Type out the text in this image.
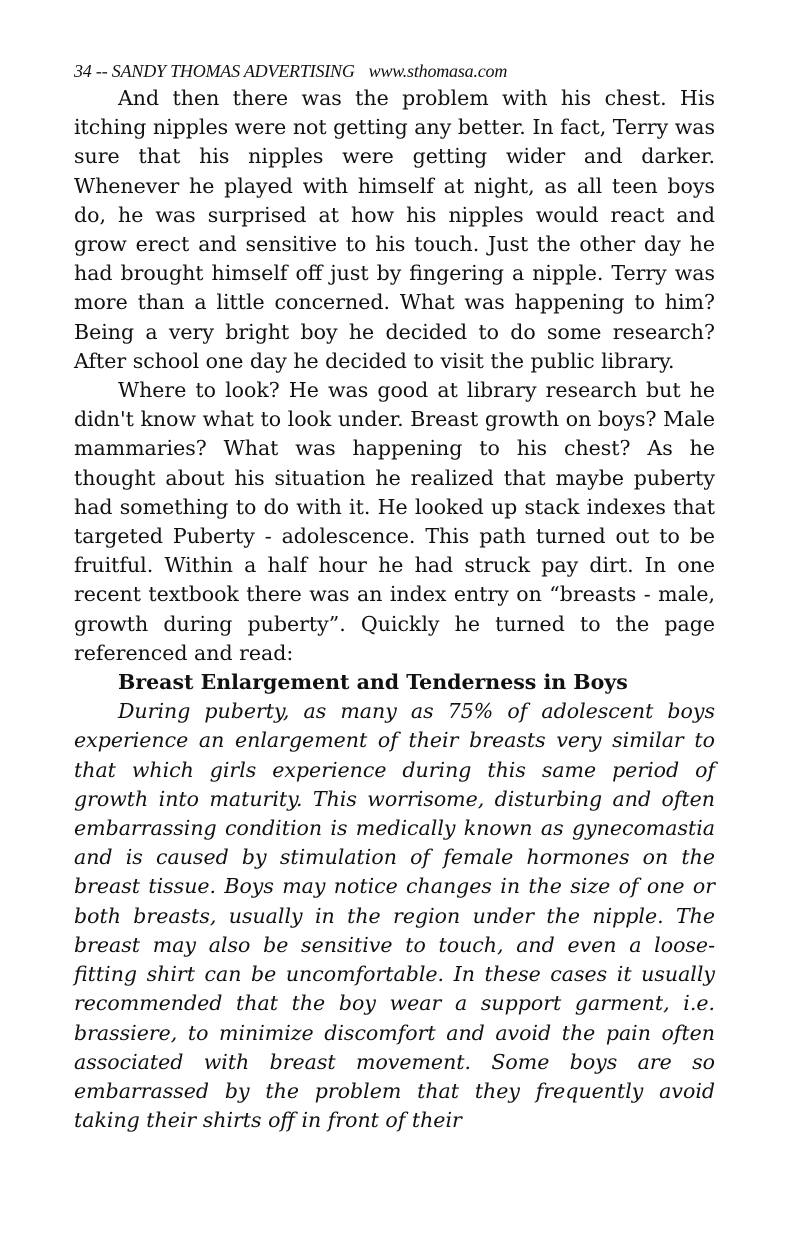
34 -- SANDY THOMAS ADVERTISING www.sthomasa.com

And then there was the problem with his chest. His itching nipples were not getting any better. In fact, Terry was sure that his nipples were getting wider and darker. Whenever he played with himself at night, as all teen boys do, he was surprised at how his nipples would react and grow erect and sensitive to his touch. Just the other day he had brought himself off just by fingering a nipple. Terry was more than a little concerned. What was happening to him? Being a very bright boy he decided to do some research? After school one day he decided to visit the public library.

Where to look? He was good at library research but he didn't know what to look under. Breast growth on boys? Male mammaries? What was happening to his chest? As he thought about his situation he realized that maybe puberty had something to do with it. He looked up stack indexes that targeted Puberty - adolescence. This path turned out to be fruitful. Within a half hour he had struck pay dirt. In one recent textbook there was an index entry on “breasts - male, growth during puberty”. Quickly he turned to the page referenced and read:

Breast Enlargement and Tenderness in Boys

During puberty, as many as 75% of adolescent boys experience an enlargement of their breasts very similar to that which girls experience during this same period of growth into maturity. This worrisome, disturbing and often embarrassing condition is medically known as gynecomastia and is caused by stimulation of female hormones on the breast tissue. Boys may notice changes in the size of one or both breasts, usually in the region under the nipple. The breast may also be sensitive to touch, and even a loose-fitting shirt can be uncomfortable. In these cases it usually recommended that the boy wear a support garment, i.e. brassiere, to minimize discomfort and avoid the pain often associated with breast movement. Some boys are so embarrassed by the problem that they frequently avoid taking their shirts off in front of their
